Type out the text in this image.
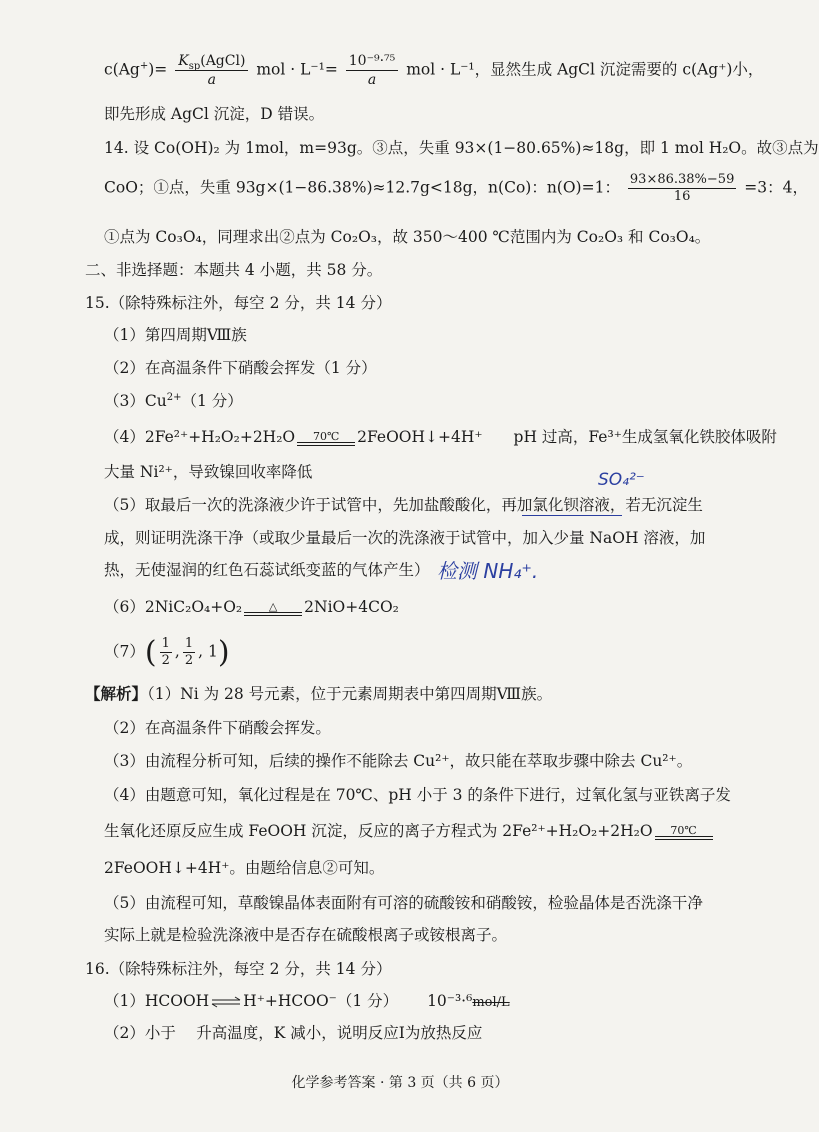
$c(Ag^+)= \frac{K_{sp}(AgCl)}{a}$ m⁠ol · $L^{-1}= \frac{\text{10⁻⁹·⁷⁵}}{a}$ mol · L⁻¹，显然生成 AgCl 沉淀需要的 c(Ag⁺)小，
即先形成 AgCl 沉淀，D 错误。
14. 设 Co(OH)₂ 为 1mol，m=93g。③点，失重 93×(1−80.65%)≈18g，即 1 mol H₂O。故③点为
CoO；①点，失重 93g×(1−86.38%)≈12.7g<18g，n(Co)：n(O)=1： $\frac{93\times 86.38\%-59}{16} =3$：4，
①点为 Co₃O₄，同理求出②点为 Co₂O₃，故 350～400 ℃范围内为 Co₂O₃ 和 Co₃O₄。
二、非选择题：本题共 4 小题，共 58 分。
15.（除特殊标注外，每空 2 分，共 14 分）
（1）第四周期Ⅷ族
（2）在高温条件下硝酸会挥发（1 分）
$(3)Cu^{2+}(1$ 分）
（4）2Fe²⁺+H₂O₂+2H₂O	70℃	2FeOOH↓+4H⁺　　pH 过高，Fe³⁺生成氢氧化铁胶体吸附
大量 Ni²⁺，导致镍回收率降低
（5）取最后一次的洗涤液少许于试管中，先加盐酸酸化，再加氯化钡溶液，若无沉淀生
成，则证明洗涤干净（或取少量最后一次的洗涤液于试管中，加入少量 NaOH 溶液，加
热，无使湿润的红色石蕊试纸变蓝的气体产生）
SO₄²⁻
检测 NH₄⁺.
（6）2NiC₂O₄+O₂	△	2NiO+4CO₂
$(7)( \frac{1}{2}$ , $\frac{1}{2}$ , 1)
【解析】（1）Ni 为 28 号元素，位于元素周期表中第四周期Ⅷ族。
（2）在高温条件下硝酸会挥发。
（3）由流程分析可知，后续的操作不能除去 Cu²⁺，故只能在萃取步骤中除去 Cu²⁺。
（4）由题意可知，氧化过程是在 70℃、pH 小于 3 的条件下进行，过氧化氢与亚铁离子发
生氧化还原反应生成 FeOOH 沉淀，反应的离子方程式为 2Fe²⁺+H₂O₂+2H₂O	70℃
2FeOOH↓+4H⁺。由题给信息②可知。
（5）由流程可知，草酸镍晶体表面附有可溶的硫酸铵和硝酸铵，检验晶体是否洗涤干净
实际上就是检验洗涤液中是否存在硫酸根离子或铵根离子。
16.（除特殊标注外，每空 2 分，共 14 分）
（1）HCOOH ⇌ H⁺+HCOO⁻（1 分） 10⁻³·⁶mol/L
（2）小于　 升高温度，K 减小，说明反应Ⅰ为放热反应
化学参考答案 · 第 3 页（共 6 页）
